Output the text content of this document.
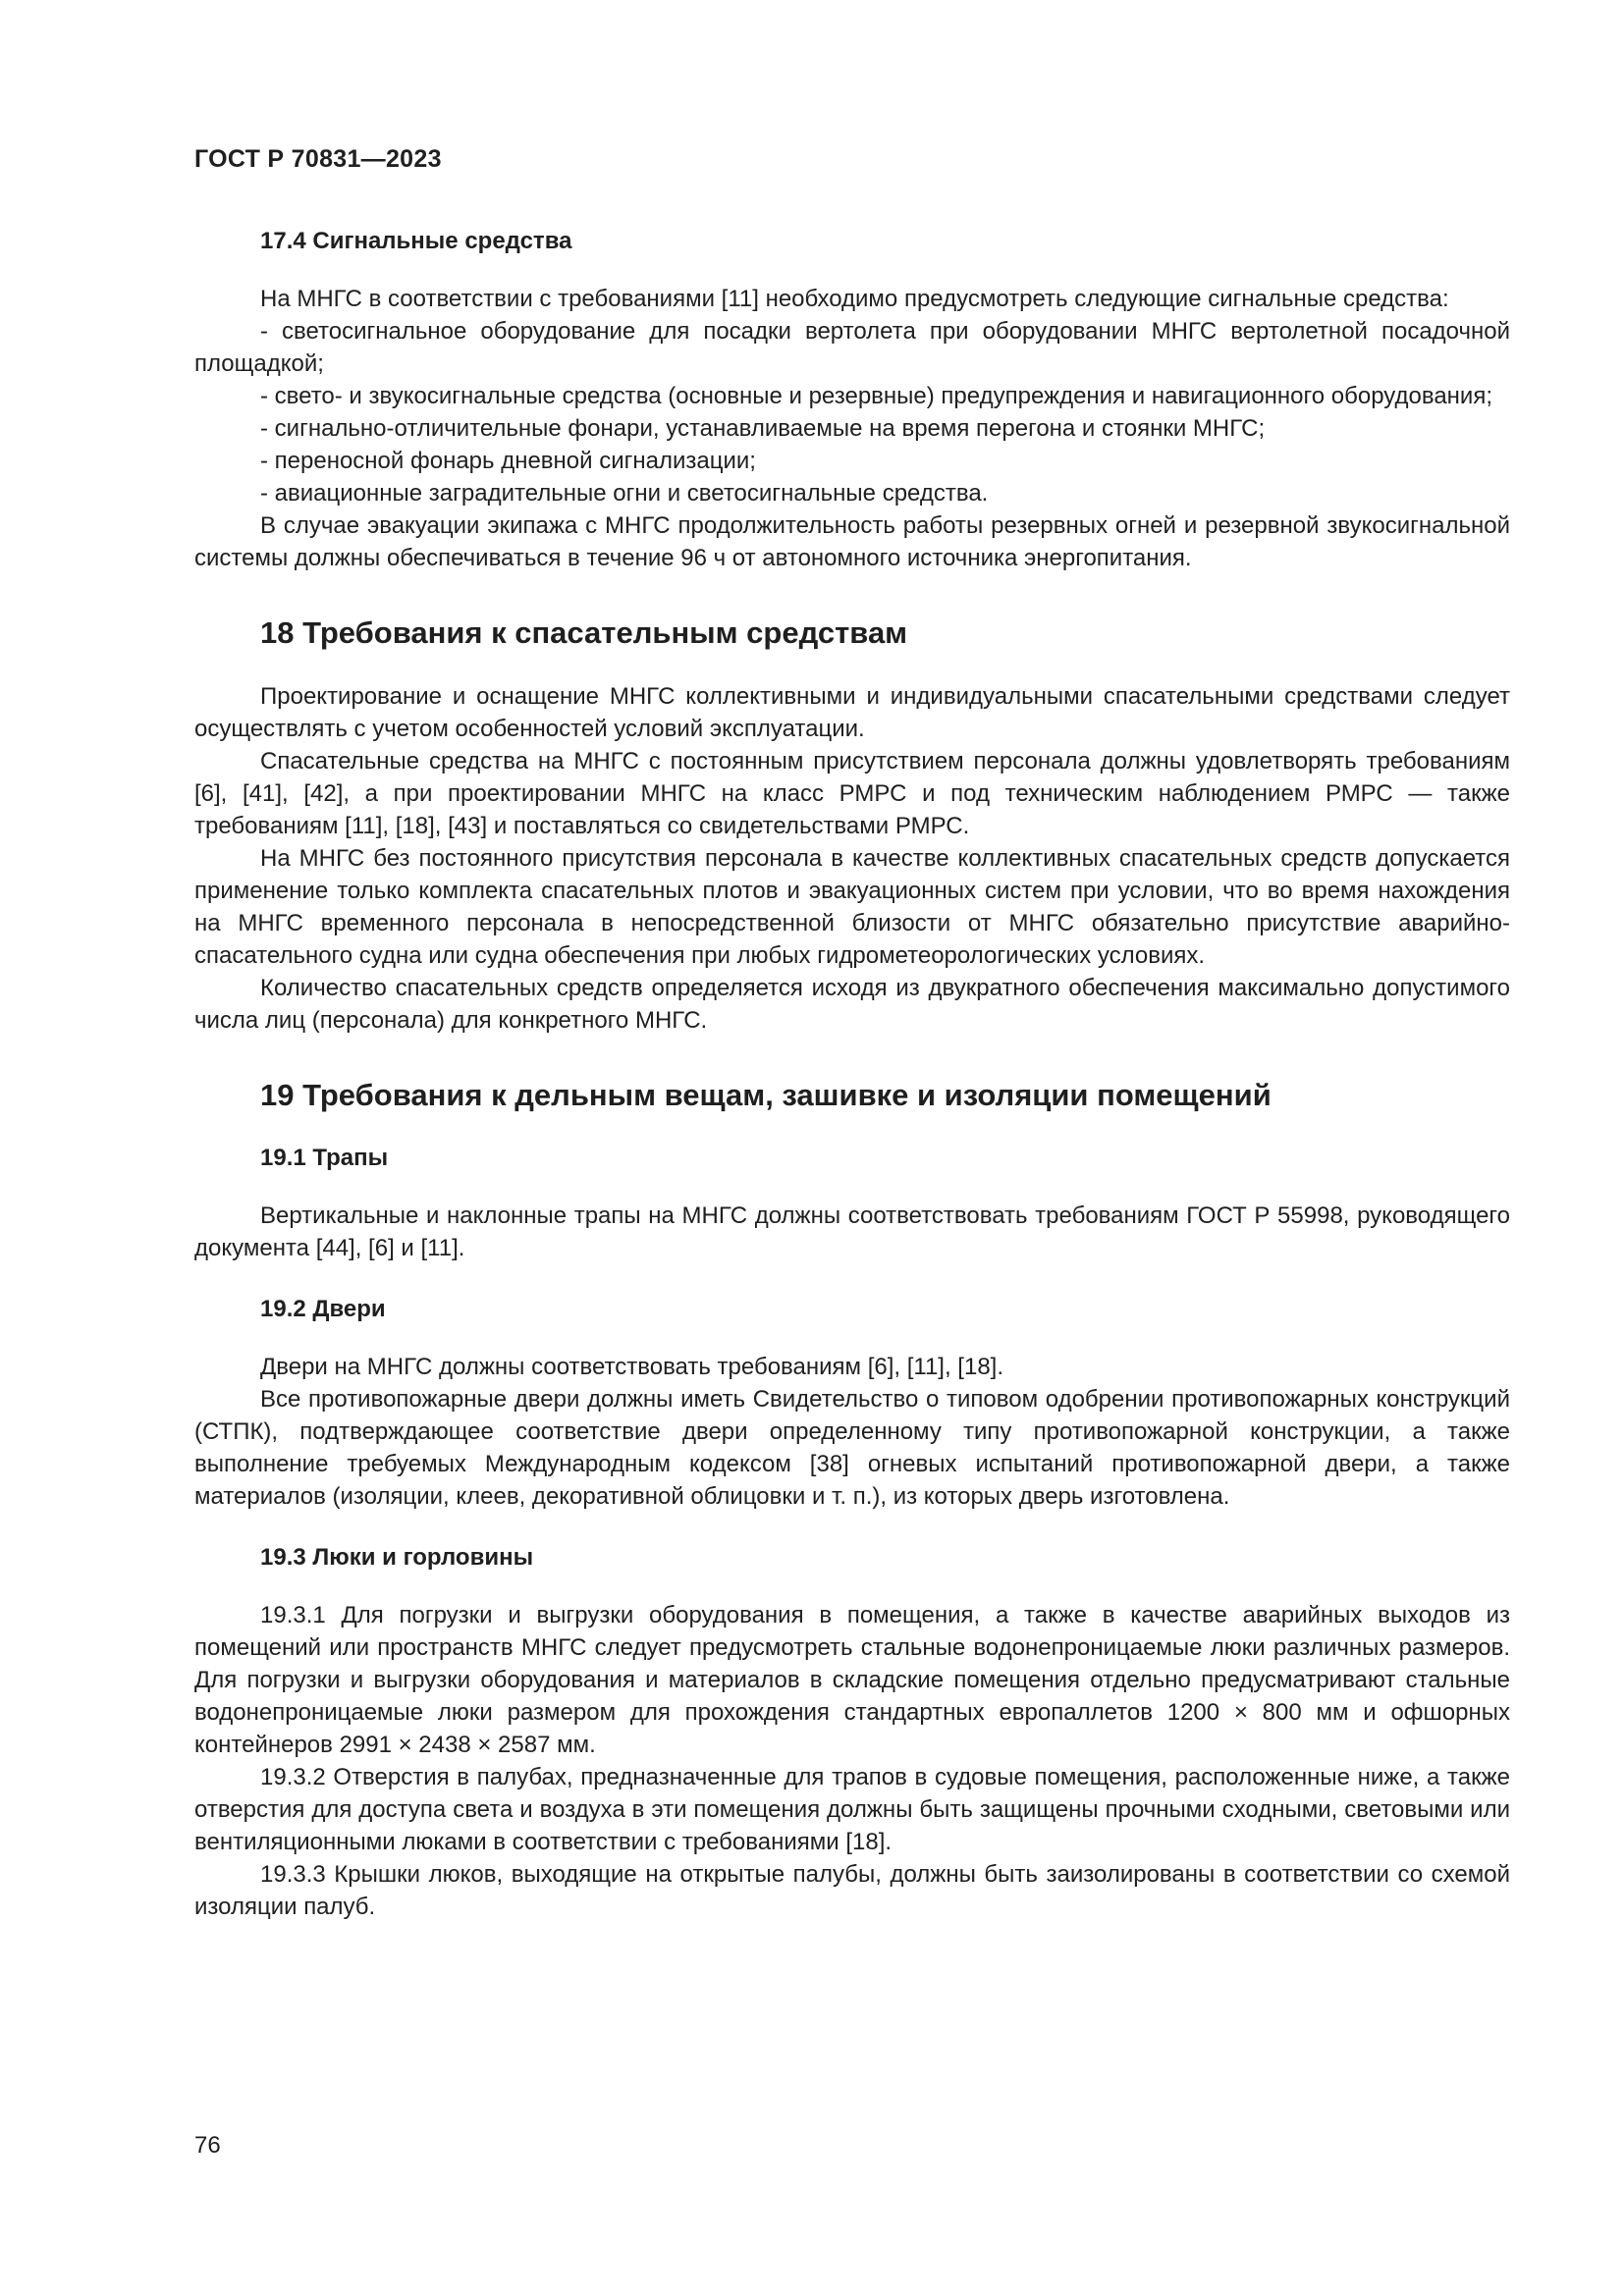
ГОСТ Р 70831—2023
17.4 Сигнальные средства

На МНГС в соответствии с требованиями [11] необходимо предусмотреть следующие сигнальные средства:

- светосигнальное оборудование для посадки вертолета при оборудовании МНГС вертолетной посадочной площадкой;

- свето- и звукосигнальные средства (основные и резервные) предупреждения и навигационного оборудования;

- сигнально-отличительные фонари, устанавливаемые на время перегона и стоянки МНГС;

- переносной фонарь дневной сигнализации;

- авиационные заградительные огни и светосигнальные средства.

В случае эвакуации экипажа с МНГС продолжительность работы резервных огней и резервной звукосигнальной системы должны обеспечиваться в течение 96 ч от автономного источника энергопитания.

18 Требования к спасательным средствам

Проектирование и оснащение МНГС коллективными и индивидуальными спасательными средствами следует осуществлять с учетом особенностей условий эксплуатации.

Спасательные средства на МНГС с постоянным присутствием персонала должны удовлетворять требованиям [6], [41], [42], а при проектировании МНГС на класс РМРС и под техническим наблюдением РМРС — также требованиям [11], [18], [43] и поставляться со свидетельствами РМРС.

На МНГС без постоянного присутствия персонала в качестве коллективных спасательных средств допускается применение только комплекта спасательных плотов и эвакуационных систем при условии, что во время нахождения на МНГС временного персонала в непосредственной близости от МНГС обязательно присутствие аварийно-спасательного судна или судна обеспечения при любых гидрометеорологических условиях.

Количество спасательных средств определяется исходя из двукратного обеспечения максимально допустимого числа лиц (персонала) для конкретного МНГС.

19 Требования к дельным вещам, зашивке и изоляции помещений
19.1 Трапы

Вертикальные и наклонные трапы на МНГС должны соответствовать требованиям ГОСТ Р 55998, руководящего документа [44], [6] и [11].

19.2 Двери

Двери на МНГС должны соответствовать требованиям [6], [11], [18].

Все противопожарные двери должны иметь Свидетельство о типовом одобрении противопожарных конструкций (СТПК), подтверждающее соответствие двери определенному типу противопожарной конструкции, а также выполнение требуемых Международным кодексом [38] огневых испытаний противопожарной двери, а также материалов (изоляции, клеев, декоративной облицовки и т. п.), из которых дверь изготовлена.

19.3 Люки и горловины

19.3.1 Для погрузки и выгрузки оборудования в помещения, а также в качестве аварийных выходов из помещений или пространств МНГС следует предусмотреть стальные водонепроницаемые люки различных размеров. Для погрузки и выгрузки оборудования и материалов в складские помещения отдельно предусматривают стальные водонепроницаемые люки размером для прохождения стандартных европаллетов 1200 × 800 мм и офшорных контейнеров 2991 × 2438 × 2587 мм.

19.3.2 Отверстия в палубах, предназначенные для трапов в судовые помещения, расположенные ниже, а также отверстия для доступа света и воздуха в эти помещения должны быть защищены прочными сходными, световыми или вентиляционными люками в соответствии с требованиями [18].

19.3.3 Крышки люков, выходящие на открытые палубы, должны быть заизолированы в соответствии со схемой изоляции палуб.

76
